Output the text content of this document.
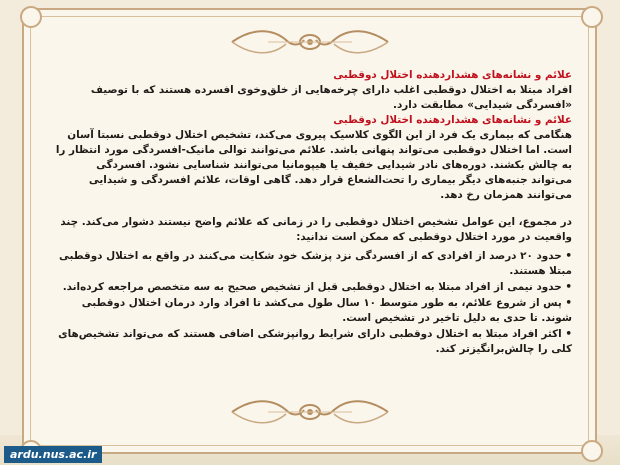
علائم و نشانه‌های هشداردهنده اختلال دوقطبی

افراد مبتلا به اختلال دوقطبی اغلب دارای چرخه‌هایی از خلق‌وخوی افسرده هستند که با توصیف «افسردگی شیدایی» مطابقت دارد.

علائم و نشانه‌های هشداردهنده اختلال دوقطبی

هنگامی که بیماری یک فرد از این الگوی کلاسیک پیروی می‌کند، تشخیص اختلال دوقطبی نسبتا آسان است. اما اختلال دوقطبی می‌تواند پنهانی باشد. علائم می‌توانند توالی مانیک-افسردگی مورد انتظار را به چالش بکشند. دوره‌های نادر شیدایی خفیف یا هیپومانیا می‌توانند شناسایی نشود. افسردگی می‌تواند جنبه‌های دیگر بیماری را تحت‌الشعاع قرار دهد. گاهی اوقات، علائم افسردگی و شیدایی می‌توانند همزمان رخ دهد.

در مجموع، این عوامل تشخیص اختلال دوقطبی را در زمانی که علائم واضح نیستند دشوار می‌کند. چند واقعیت در مورد اختلال دوقطبی که ممکن است ندانید:

• حدود ۲۰ درصد از افرادی که از افسردگی نزد پزشک خود شکایت می‌کنند در واقع به اختلال دوقطبی مبتلا هستند.

• حدود نیمی از افراد مبتلا به اختلال دوقطبی قبل از تشخیص صحیح به سه متخصص مراجعه کرده‌اند.

• پس از شروع علائم، به طور متوسط ۱۰ سال طول می‌کشد تا افراد وارد درمان اختلال دوقطبی شوند. تا حدی به دلیل تاخیر در تشخیص است.

• اکثر افراد مبتلا به اختلال دوقطبی دارای شرایط روانپزشکی اضافی هستند که می‌تواند تشخیص‌های کلی را چالش‌برانگیزتر کند.

ardu.nus.ac.ir
